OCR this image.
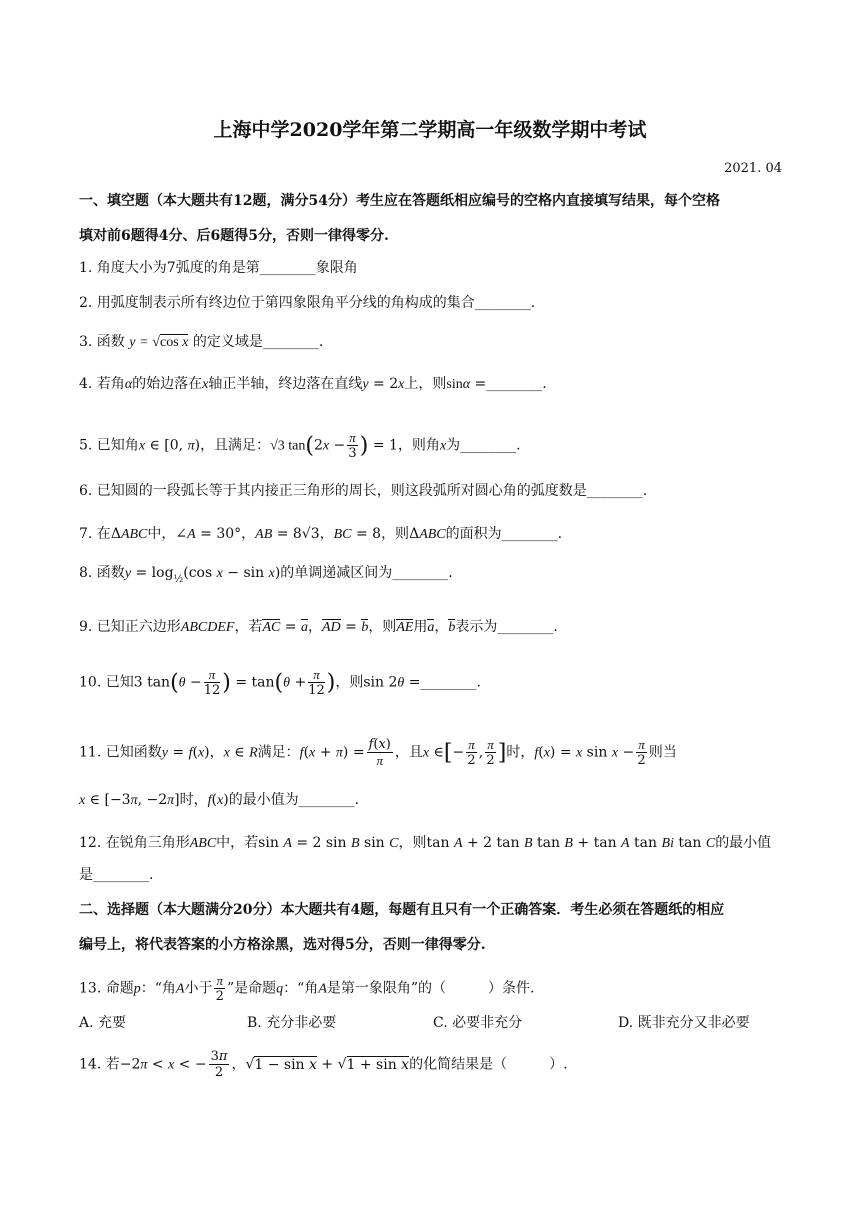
上海中学2020学年第二学期高一年级数学期中考试
2021. 04
一、填空题（本大题共有12题，满分54分）考生应在答题纸相应编号的空格内直接填写结果，每个空格
填对前6题得4分、后6题得5分，否则一律得零分.
1. 角度大小为7弧度的角是第________象限角
2. 用弧度制表示所有终边位于第四象限角平分线的角构成的集合________.
3. 函数 y = √cos x 的定义域是________.
4. 若角α的始边落在x轴正半轴，终边落在直线y = 2x上，则sinα =________.
5. 已知角x ∈ [0, π)，且满足：√3 $\tan(2x - \frac{\pi}{3}$ ) = 1，则角x为________.
6. 已知圆的一段弧长等于其内接正三角形的周长，则这段弧所对圆心角的弧度数是________.
7. 在ΔABC中，∠A = 30°，AB = 8√3，BC = 8，则ΔABC的面积为________.
8. 函数$y = \log_{\frac{1}{2}}(\cos$ x − sin x)的单调递减区间为________.
9. 已知正六边形ABCDEF，若AC = a，AD = b，则AE用a，b表示为________.
10. 已知3 $\tan(\theta - \frac{\pi}{12}$ ) = $\tan(\theta + \frac{\pi}{12}$ )，则sin 2θ =________.
11. 已知函数y = f(x)，x ∈ R满足：$f(x + \pi) = \frac{f(x)}{\pi}$ ，且x ∈[− $\frac{\pi}{2}$ , $\frac{\pi}{2}$ ]时，f(x) = x $\sin x - \frac{\pi}{2}$ 则当
x ∈ [−3π, −2π]时，f(x)的最小值为________.
12. 在锐角三角形ABC中，若sin A = 2 sin B sin C，则tan A + 2 tan B tan B + tan A tan Bi tan C的最小值
是________.
二、选择题（本大题满分20分）本大题共有4题，每题有且只有一个正确答案．考生必须在答题纸的相应
编号上，将代表答案的小方格涂黑，选对得5分，否则一律得零分.
13. 命题p：“角A小于 $\frac{\pi}{2}$ ”是命题q：“角A是第一象限角”的（　　　）条件.
A. 充要	B. 充分非必要	C. 必要非充分	D. 既非充分又非必要
14. 若−2π < x < − $\frac{3\pi}{2}$ ，√1 − sin x + √1 + sin x的化简结果是（　　　）.
